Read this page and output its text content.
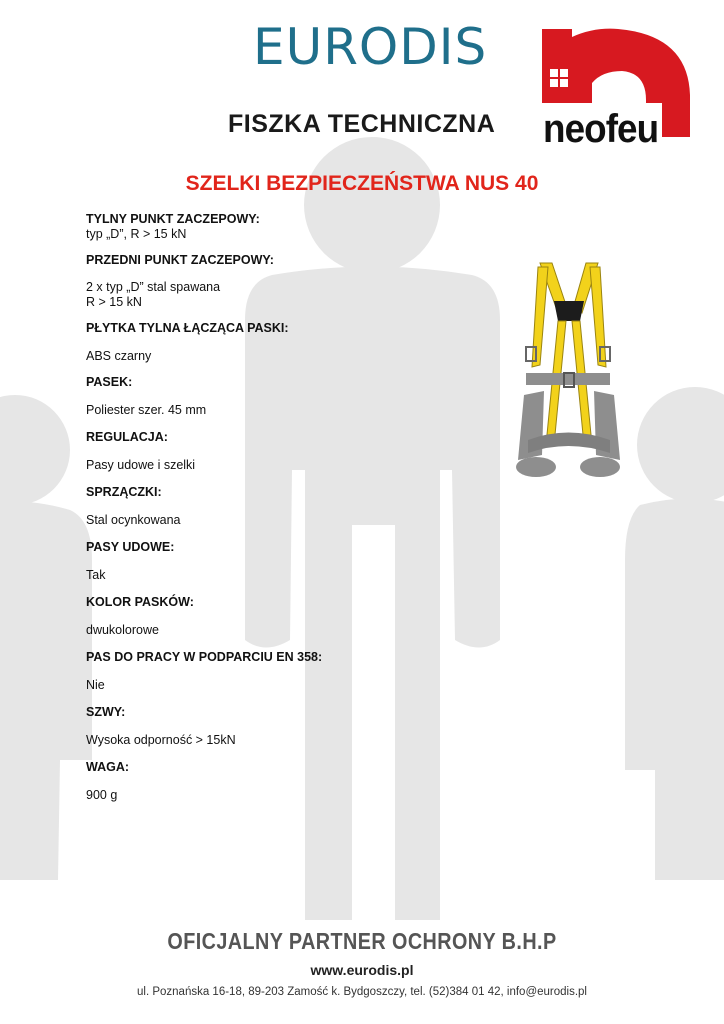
EURODIS
FISZKA TECHNICZNA neofeu
SZELKI BEZPIECZEŃSTWA NUS 40

TYLNY PUNKT ZACZEPOWY:

typ „D”, R > 15 kN

PRZEDNI PUNKT ZACZEPOWY:

2 x typ „D” stal spawana
R > 15 kN

PŁYTKA TYLNA ŁĄCZĄCA PASKI:

ABS czarny

PASEK:

Poliester szer. 45 mm

REGULACJA:

Pasy udowe i szelki

SPRZĄCZKI:

Stal ocynkowana

PASY UDOWE:

Tak

KOLOR PASKÓW:

dwukolorowe

PAS DO PRACY W PODPARCIU EN 358:

Nie

SZWY:

Wysoka odporność > 15kN

WAGA:

900 g

OFICJALNY PARTNER OCHRONY B.H.P
www.eurodis.pl
ul. Poznańska 16-18, 89-203 Zamość k. Bydgoszczy, tel. (52)384 01 42, info@eurodis.pl
